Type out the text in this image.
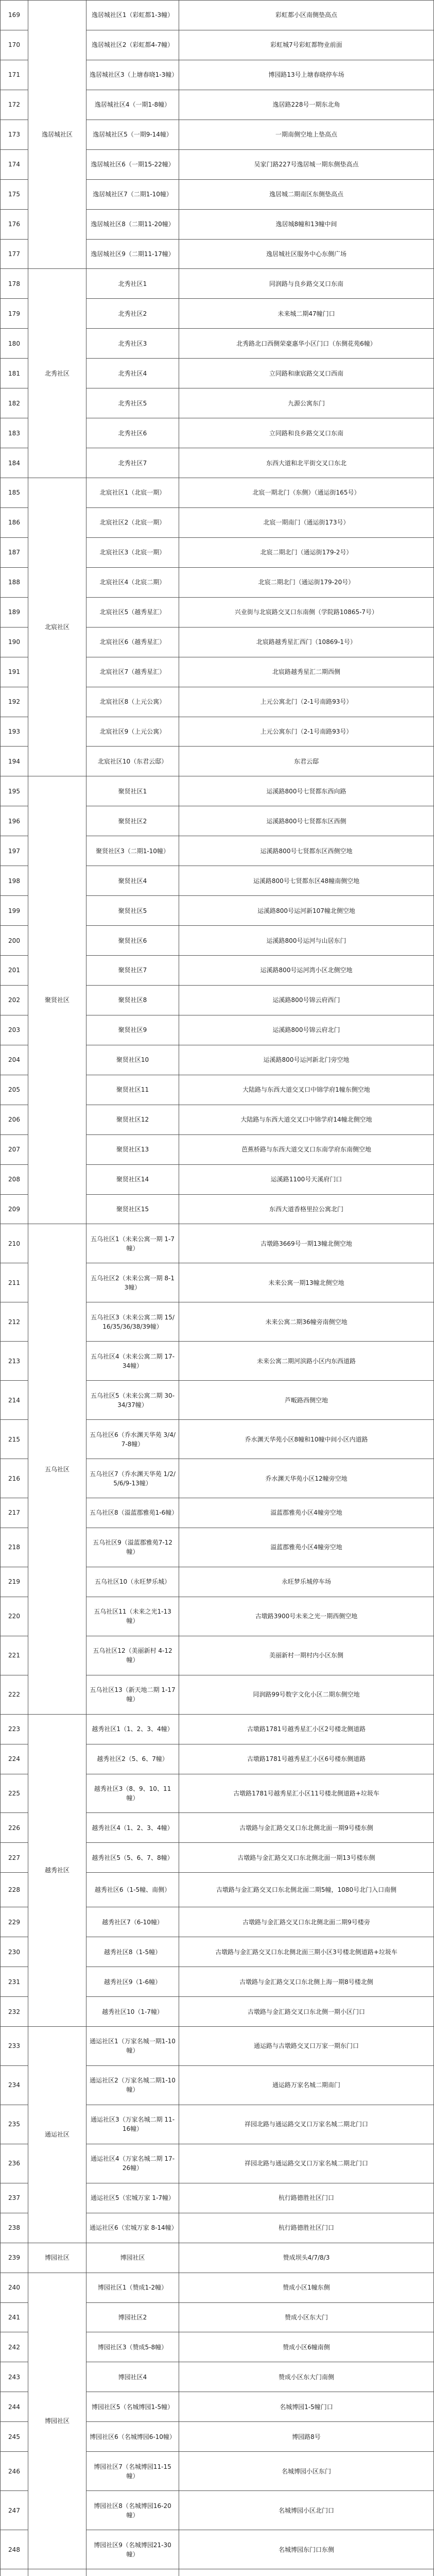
169	逸居城社区	逸居城社区1（彩虹都1-3幢）	彩虹都小区南侧垫高点
170		逸居城社区2（彩虹都4-7幢）	彩虹城7号彩虹都物业前面
171		逸居城社区3（上塘春晓1-3幢）	博园路13号上塘春晓停车场
172		逸居城社区4（一期1-8幢）	逸居路228号一期东北角
173		逸居城社区5（一期9-14幢）	一期南侧空地上垫高点
174		逸居城社区6（一期15-22幢）	吴家门路227号逸居城一期东侧垫高点
175		逸居城社区7（二期1-10幢）	逸居城二期南区东侧垫高点
176		逸居城社区8（二期11-20幢）	逸居城8幢和13幢中间
177		逸居城社区9（二期11-17幢）	逸居城社区服务中心东侧广场
178	北秀社区	北秀社区1	同润路与良乡路交叉口东南
179		北秀社区2	未来城二期47幢门口
180		北秀社区3	北秀路北口西侧荣豪惠华小区门口（东侧花苑6幢）
181		北秀社区4	立同路和康宸路交叉口西南
182		北秀社区5	九源公寓东门
183		北秀社区6	立同路和良乡路交叉口东南
184		北秀社区7	东西大道和北平街交叉口东北
185	北宸社区	北宸社区1（北宸一期）	北宸一期北门（东侧）（通运街165号）
186		北宸社区2（北宸一期）	北宸一期南门（通运街173号）
187		北宸社区3（北宸一期）	北宸二期北门（通运街179-2号）
188		北宸社区4（北宸二期）	北宸二期北门（通运街179-20号）
189		北宸社区5（越秀星汇）	兴业街与北宸路交叉口东南侧（学院路10865-7号）
190		北宸社区6（越秀星汇）	北宸路越秀星汇西门（10869-1号）
191		北宸社区7（越秀星汇）	北宸路越秀星汇二期西侧
192		北宸社区8（上元公寓）	上元公寓北门（2-1号南路93号）
193		北宸社区9（上元公寓）	上元公寓东门（2-1号南路93号）
194		北宸社区10（东君云邸）	东君云邸
195	聚贤社区	聚贤社区1	运溪路800号七贤都东西向路
196		聚贤社区2	运溪路800号七贤都东区西侧
197		聚贤社区3（二期1-10幢）	运溪路800号七贤都东区西侧空地
198		聚贤社区4	运溪路800号七贤都东区48幢南侧空地
199		聚贤社区5	运溪路800号运河新107幢北侧空地
200		聚贤社区6	运溪路800号运河与山居东门
201		聚贤社区7	运溪路800号运河湾小区北侧空地
202		聚贤社区8	运溪路800号锦云府西门
203		聚贤社区9	运溪路800号锦云府北门
204		聚贤社区10	运溪路800号运河新北门旁空地
205		聚贤社区11	大陆路与东西大道交叉口中锦学府1幢东侧空地
206		聚贤社区12	大陆路与东西大道交叉口中锦学府14幢北侧空地
207		聚贤社区13	芭蕉桥路与东西大道交叉口东南学府东南侧空地
208		聚贤社区14	运溪路1100号天溪府门口
209		聚贤社区15	东西大道香格里拉公寓北门
210	五乌社区	五乌社区1（未来公寓一期 1-7幢）	古墩路3669号一期13幢北侧空地
211		五乌社区2（未来公寓一期 8-13幢）	未来公寓一期13幢北侧空地
212		五乌社区3（未来公寓二期 15/16/35/36/38/39幢）	未来公寓二期36幢旁南侧空地
213		五乌社区4（未来公寓二期 17-34幢）	未来公寓二期河滨路小区内东西道路
214		五乌社区5（未来公寓二期 30-34/37幢）	芦畈路西侧空地
215		五乌社区6（乔水渊天华苑 3/4/7-8幢）	乔水渊天华苑小区8幢和10幢中间小区内道路
216		五乌社区7（乔水渊天华苑 1/2/5/6/9-13幢）	乔水渊天华苑小区12幢旁空地
217		五乌社区8（溢蓝郡雅苑1-6幢）	溢蓝郡雅苑小区4幢旁空地
218		五乌社区9（溢蓝郡雅苑7-12幢）	溢蓝郡雅苑小区4幢旁空地
219		五乌社区10（永旺梦乐城）	永旺梦乐城停车场
220		五乌社区11（未来之光1-13幢）	古墩路3900号未来之光一期西侧空地
221		五乌社区12（美丽新村 4-12幢）	美丽新村一期村内小区东侧
222		五乌社区13（新天地二期 1-17幢）	同润路99号数字文化小区二期东侧空地
223	越秀社区	越秀社区1（1、2、3、4幢）	古墩路1781号越秀星汇小区2号楼北侧道路
224		越秀社区2（5、6、7幢）	古墩路1781号越秀星汇小区6号楼东侧道路
225		越秀社区3（8、9、10、11幢）	古墩路1781号越秀星汇小区11号楼北侧道路+垃圾车
226		越秀社区4（1、2、3、4幢）	古墩路与金汇路交叉口东北侧北面一期9号楼东侧
227		越秀社区5（5、6、7、8幢）	古墩路与金汇路交叉口东北侧北面一期13号楼东侧
228		越秀社区6（1-5幢、南侧）	古墩路与金汇路交叉口东北侧北面二期5幢，1080号北门入口南侧
229		越秀社区7（6-10幢）	古墩路与金汇路交叉口东北侧北面二期9号楼旁
230		越秀社区8（1-5幢）	古墩路与金汇路交叉口东北侧北面三期小区3号楼北侧道路+垃圾车
231		越秀社区9（1-6幢）	古墩路与金汇路交叉口东北侧上海一期8号楼北侧
232		越秀社区10（1-7幢）	古墩路与金汇路交叉口东北侧一期小区门口
233	通运社区	通运社区1（万家名城一期1-10幢）	通运路与古墩路交叉口万家一期东门口
234		通运社区2（万家名城二期1-10幢）	通运路万家名城二期南门
235		通运社区3（万家名城二期 11-16幢）	祥园北路与通运路交叉口万家名城二期北门口
236		通运社区4（万家名城二期 17-26幢）	祥园北路与通运路交叉口万家名城二期北门口
237		通运社区5（宏城万家 1-7幢）	杭行路德胜社区门口
238		通运社区6（宏城万家 8-14幢）	杭行路德胜社区门口
239	博园社区	博园社区	赞成坝头4/7/8/3
240	博园社区	博园社区1（赞成1-2幢）	赞成小区1幢东侧
241		博园社区2	赞成小区东大门
242		博园社区3（赞成5-8幢）	赞成小区6幢南侧
243		博园社区4	赞成小区东大门南侧
244		博园社区5（名城博园1-5幢）	名城博园1-5幢门口
245		博园社区6（名城博园6-10幢）	博园路8号
246		博园社区7（名城博园11-15幢）	名城博园小区东门
247		博园社区8（名城博园16-20幢）	名城博园小区北门口
248		博园社区9（名城博园21-30幢）	名城博园东门口东侧
